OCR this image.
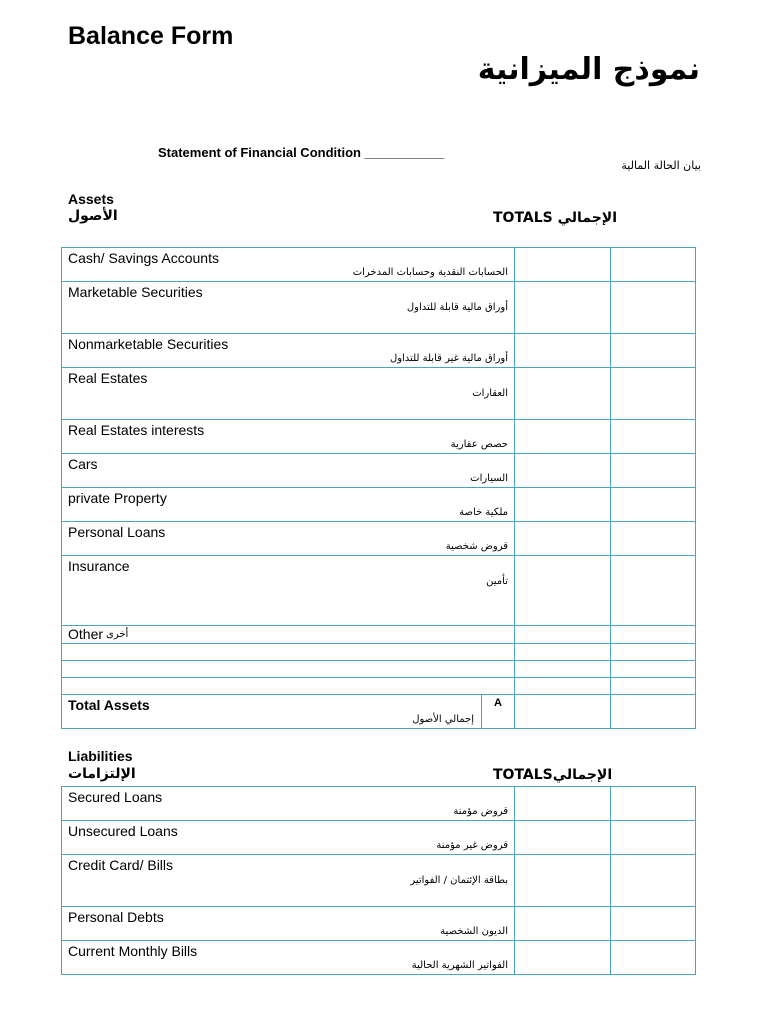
Balance Form
نموذج الميزانية
Statement of Financial Condition ___________
بيان الحالة المالية
Assets
الأصول	TOTALS الإجمالي
Cash/ Savings Accounts
الحسابات النقدية وحسابات المدخرات		

Marketable Securities
أوراق مالية قابلة للتداول		

Nonmarketable Securities
أوراق مالية غير قابلة للتداول		

Real Estates
العقارات		

Real Estates interests
حصص عقارية		

Cars
السيارات		

private Property
ملكية خاصة		

Personal Loans
قروض شخصية		

Insurance
تأمين		

Other أخرى		

Total Assets
إجمالي الأصول
A		

Liabilities
الإلتزامات	TOTALSالإجمالي
Secured Loans
قروض مؤمنة		

Unsecured Loans
قروض غير مؤمنة		

Credit Card/ Bills
بطاقة الإئتمان / الفواتير		

Personal Debts
الديون الشخصية		

Current Monthly Bills
الفواتير الشهرية الحالية		
